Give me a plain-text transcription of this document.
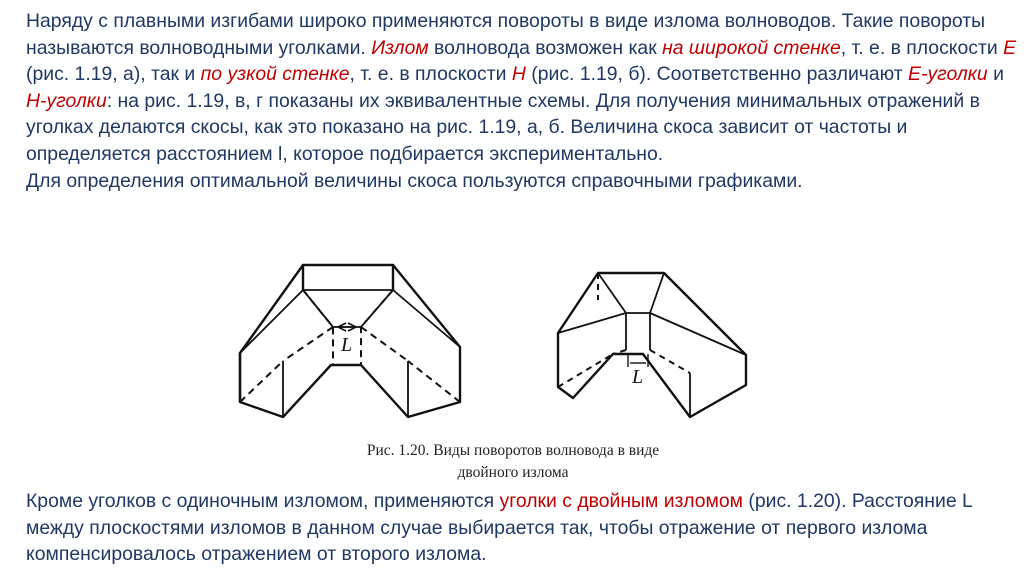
Наряду с плавными изгибами широко применяются повороты в виде излома волноводов. Такие повороты называются волноводными уголками. Излом волновода возможен как на широкой стенке, т. е. в плоскости Е (рис. 1.19, а), так и по узкой стенке, т. е. в плоскости Н (рис. 1.19, б). Соответственно различают Е-уголки и Н-уголки: на рис. 1.19, в, г показаны их эквивалентные схемы. Для получения минимальных отражений в уголках делаются скосы, как это показано на рис. 1.19, а, б. Величина скоса зависит от частоты и определяется расстоянием l, которое подбирается экспериментально.

Для определения оптимальной величины скоса пользуются справочными графиками.

L
L
Рис. 1.20. Виды поворотов волновода в виде
двойного излома
Кроме уголков с одиночным изломом, применяются уголки с двойным изломом (рис. 1.20). Расстояние L между плоскостями изломов в данном случае выбирается так, чтобы отражение от первого излома компенсировалось отражением от второго излома.
